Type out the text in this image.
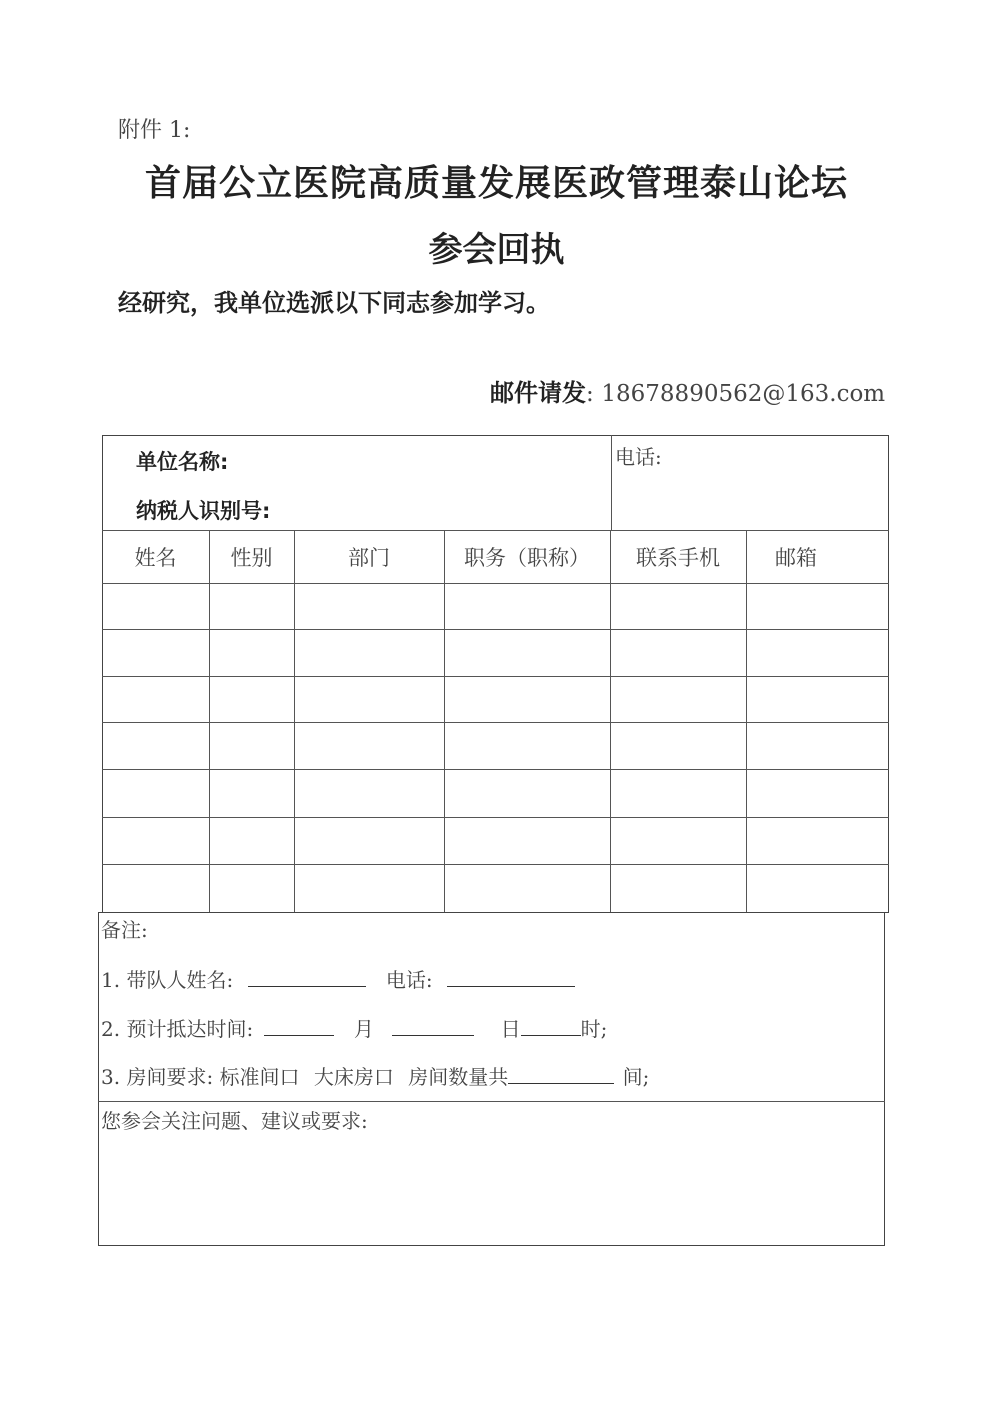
附件 1:
首届公立医院高质量发展医政管理泰山论坛
参会回执
经研究，我单位选派以下同志参加学习。
邮件请发: 18678890562@163.com
单位名称:
纳税人识别号:
电话:
姓名	性别	部门	职务（职称）	联系手机	邮箱
备注:
1. 带队人姓名:	电话:
2. 预计抵达时间:	月	日	时;
3. 房间要求: 标准间口 大床房口 房间数量共	间;
您参会关注问题、建议或要求:
